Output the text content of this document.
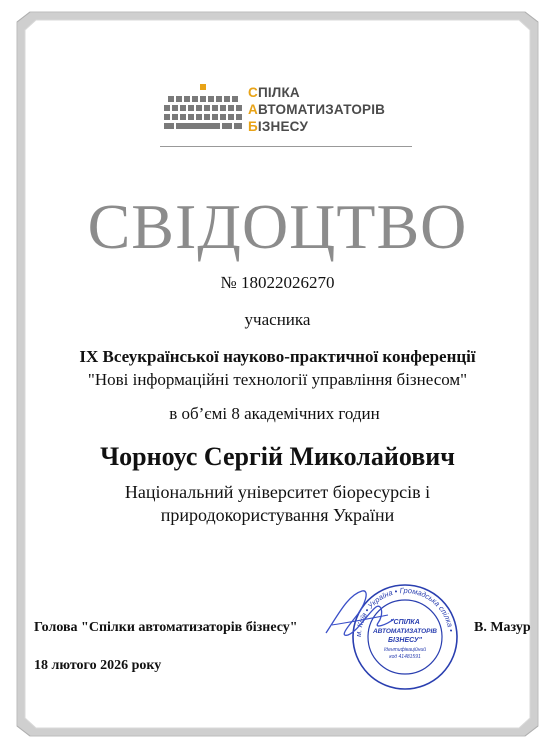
СПІЛКА
АВТОМАТИЗАТОРІВ
БІЗНЕСУ
СВІДОЦТВО
№ 18022026270
учасника
IX Всеукраїнської науково-практичної конференції
"Нові інформаційні технології управління бізнесом"
в об’ємі 8 академічних годин
Чорноус Сергій Миколайович
Національний університет біоресурсів і
природокористування України
Голова "Спілки автоматизаторів бізнесу"	В. Мазур
18 лютого 2026 року
м. Київ • Україна • Громадська спілка •
"СПІЛКА
АВТОМАТИЗАТОРІВ
БІЗНЕСУ"
Ідентифікаційний
код 41481591
